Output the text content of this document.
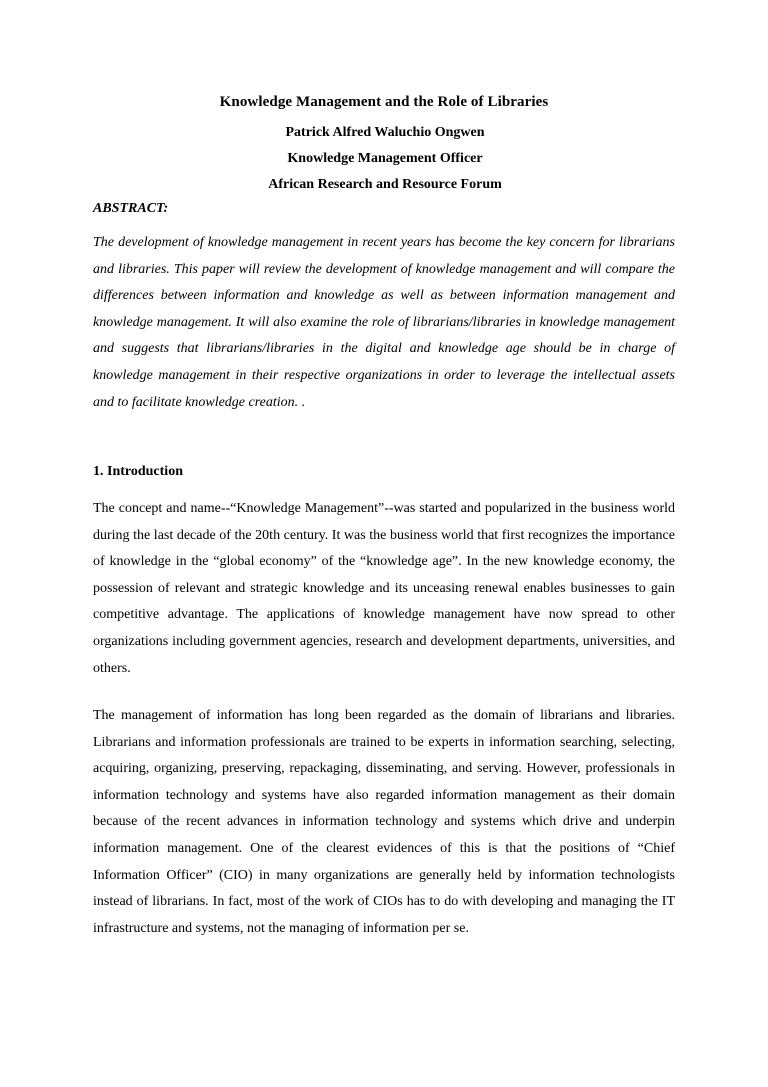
Knowledge Management and the Role of Libraries
Patrick Alfred Waluchio Ongwen
Knowledge Management Officer
African Research and Resource Forum
ABSTRACT:
The development of knowledge management in recent years has become the key concern for librarians and libraries. This paper will review the development of knowledge management and will compare the differences between information and knowledge as well as between information management and knowledge management. It will also examine the role of librarians/libraries in knowledge management and suggests that librarians/libraries in the digital and knowledge age should be in charge of knowledge management in their respective organizations in order to leverage the intellectual assets and to facilitate knowledge creation. .
1. Introduction
The concept and name--“Knowledge Management”--was started and popularized in the business world during the last decade of the 20th century. It was the business world that first recognizes the importance of knowledge in the “global economy” of the “knowledge age”. In the new knowledge economy, the possession of relevant and strategic knowledge and its unceasing renewal enables businesses to gain competitive advantage. The applications of knowledge management have now spread to other organizations including government agencies, research and development departments, universities, and others.
The management of information has long been regarded as the domain of librarians and libraries. Librarians and information professionals are trained to be experts in information searching, selecting, acquiring, organizing, preserving, repackaging, disseminating, and serving. However, professionals in information technology and systems have also regarded information management as their domain because of the recent advances in information technology and systems which drive and underpin information management. One of the clearest evidences of this is that the positions of “Chief Information Officer” (CIO) in many organizations are generally held by information technologists instead of librarians. In fact, most of the work of CIOs has to do with developing and managing the IT infrastructure and systems, not the managing of information per se.
